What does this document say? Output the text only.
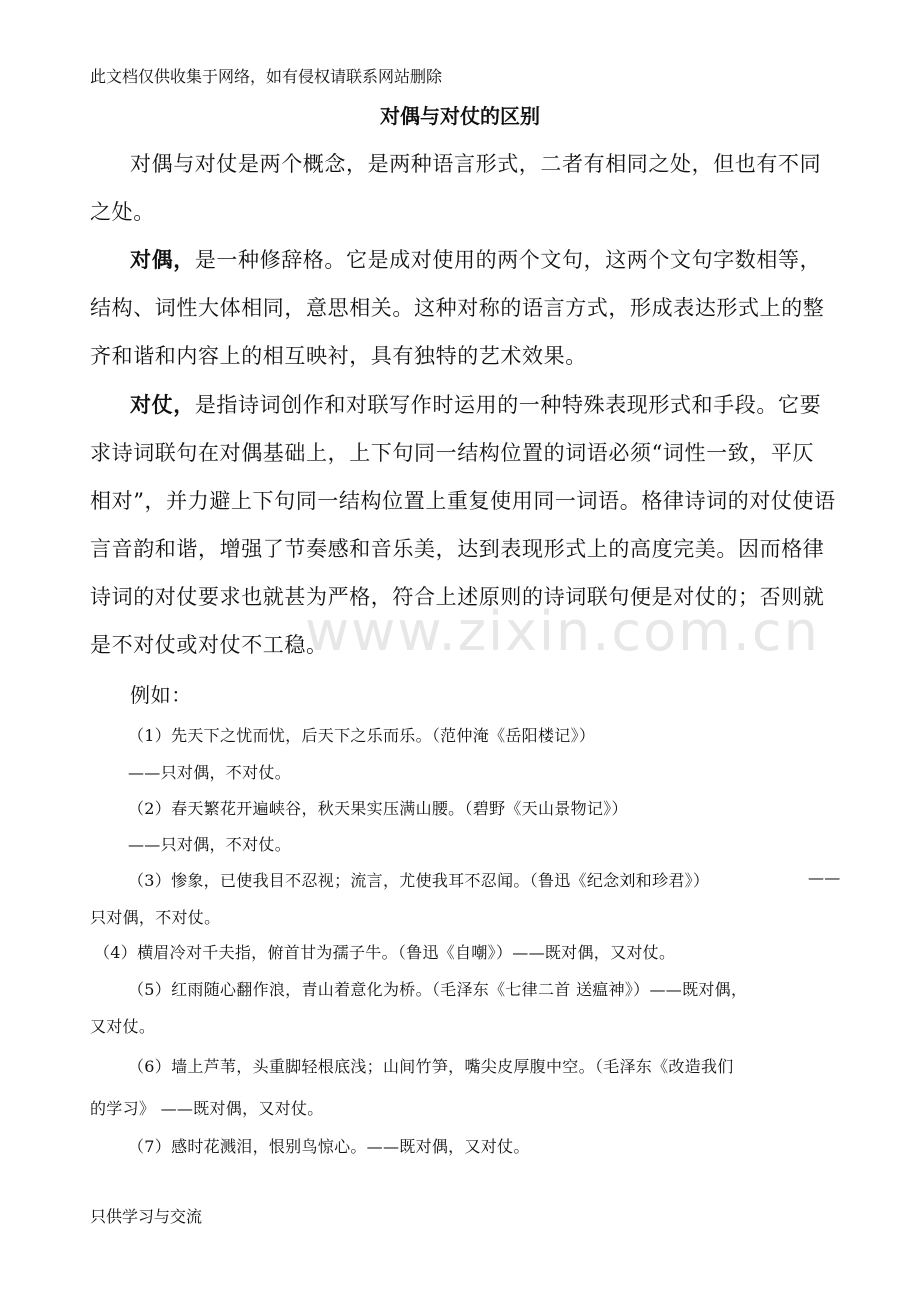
此文档仅供收集于网络，如有侵权请联系网站删除
对偶与对仗的区别
对偶与对仗是两个概念，是两种语言形式，二者有相同之处，但也有不同
之处。
对偶，是一种修辞格。它是成对使用的两个文句，这两个文句字数相等，
结构、词性大体相同，意思相关。这种对称的语言方式，形成表达形式上的整
齐和谐和内容上的相互映衬，具有独特的艺术效果。
对仗，是指诗词创作和对联写作时运用的一种特殊表现形式和手段。它要
求诗词联句在对偶基础上，上下句同一结构位置的词语必须“词性一致，平仄
相对”，并力避上下句同一结构位置上重复使用同一词语。格律诗词的对仗使语
言音韵和谐，增强了节奏感和音乐美，达到表现形式上的高度完美。因而格律
诗词的对仗要求也就甚为严格，符合上述原则的诗词联句便是对仗的；否则就
是不对仗或对仗不工稳。
www.zixin.com.cn
例如：
（1）先天下之忧而忧，后天下之乐而乐。（范仲淹《岳阳楼记》）
——只对偶，不对仗。
（2）春天繁花开遍峡谷，秋天果实压满山腰。（碧野《天山景物记》）
——只对偶，不对仗。
（3）惨象，已使我目不忍视；流言，尤使我耳不忍闻。（鲁迅《纪念刘和珍君》）	——
只对偶，不对仗。
（4）横眉冷对千夫指，俯首甘为孺子牛。（鲁迅《自嘲》）——既对偶，又对仗。
（5）红雨随心翻作浪，青山着意化为桥。（毛泽东《七律二首 送瘟神》）——既对偶，
又对仗。
（6）墙上芦苇，头重脚轻根底浅；山间竹笋，嘴尖皮厚腹中空。（毛泽东《改造我们
的学习》 ——既对偶，又对仗。
（7）感时花溅泪，恨别鸟惊心。——既对偶，又对仗。
只供学习与交流
